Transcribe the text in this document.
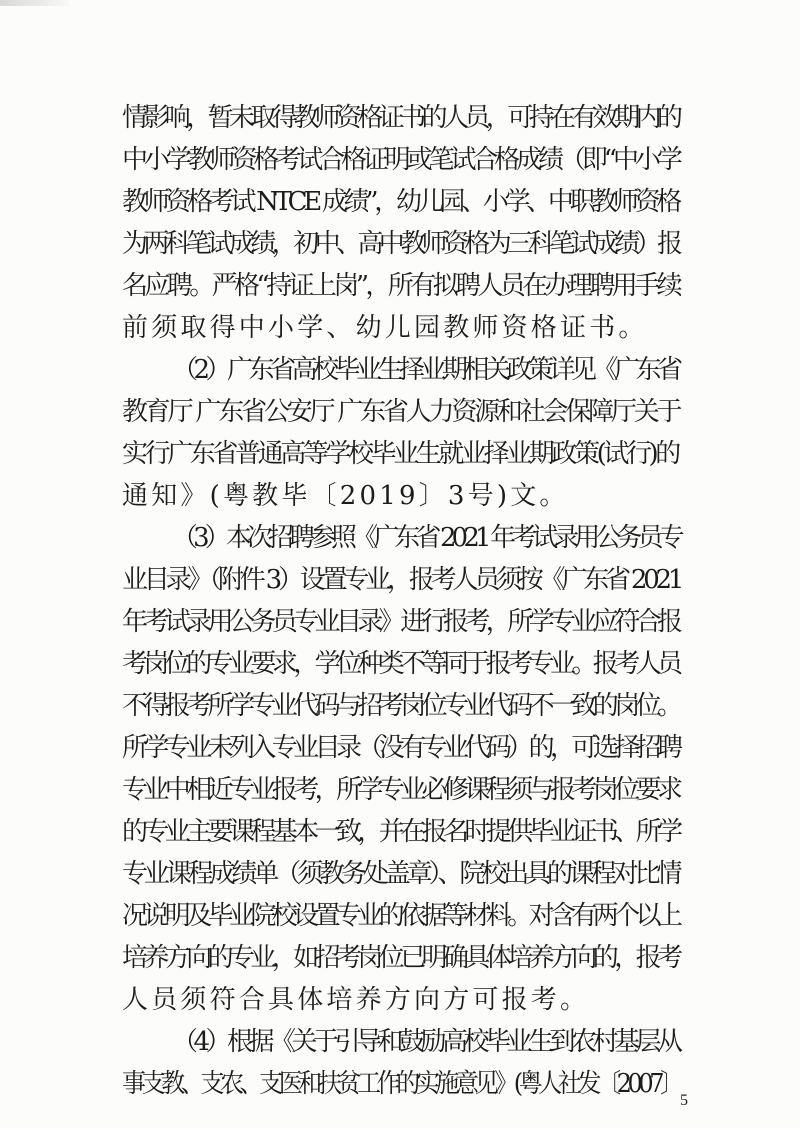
情影响，暂未取得教师资格证书的人员，可持在有效期内的
中小学教师资格考试合格证明或笔试合格成绩（即“中小学
教师资格考试 NTCE 成绩”，幼儿园、小学、中职教师资格
为两科笔试成绩，初中、高中教师资格为三科笔试成绩）报
名应聘。严格“持证上岗”，所有拟聘人员在办理聘用手续
前须取得中小学、幼儿园教师资格证书。
（2）广东省高校毕业生择业期相关政策详见《广东省
教育厅 广东省公安厅 广东省人力资源和社会保障厅关于
实行广东省普通高等学校毕业生就业择业期政策(试行)的
通知》(粤教毕〔2019〕3号)文。
（3）本次招聘参照《广东省 2021 年考试录用公务员专
业目录》（附件 3）设置专业，报考人员须按《广东省 2021
年考试录用公务员专业目录》进行报考，所学专业应符合报
考岗位的专业要求，学位种类不等同于报考专业。报考人员
不得报考所学专业代码与招考岗位专业代码不一致的岗位。
所学专业未列入专业目录（没有专业代码）的，可选择招聘
专业中相近专业报考，所学专业必修课程须与报考岗位要求
的专业主要课程基本一致，并在报名时提供毕业证书、所学
专业课程成绩单（须教务处盖章）、院校出具的课程对比情
况说明及毕业院校设置专业的依据等材料。对含有两个以上
培养方向的专业，如招考岗位已明确具体培养方向的，报考
人员须符合具体培养方向方可报考。
（4）根据《关于引导和鼓励高校毕业生到农村基层从
事支教、支农、支医和扶贫工作的实施意见》(粤人社发〔2007〕
5
